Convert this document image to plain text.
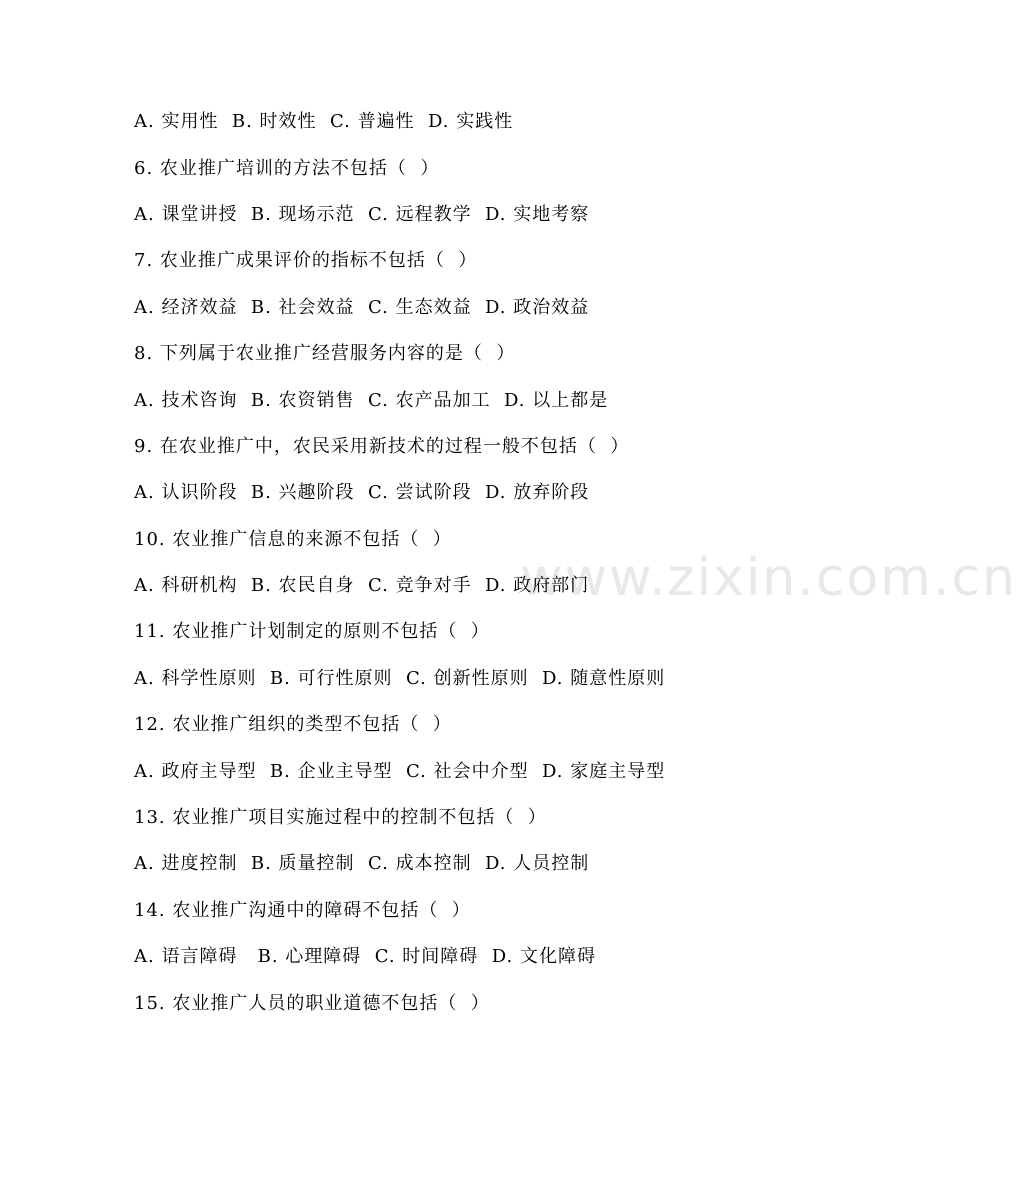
www.zixin.com.cn
A. 实用性  B. 时效性  C. 普遍性  D. 实践性
6. 农业推广培训的方法不包括（  ）
A. 课堂讲授  B. 现场示范  C. 远程教学  D. 实地考察
7. 农业推广成果评价的指标不包括（  ）
A. 经济效益  B. 社会效益  C. 生态效益  D. 政治效益
8. 下列属于农业推广经营服务内容的是（  ）
A. 技术咨询  B. 农资销售  C. 农产品加工  D. 以上都是
9. 在农业推广中，农民采用新技术的过程一般不包括（  ）
A. 认识阶段  B. 兴趣阶段  C. 尝试阶段  D. 放弃阶段
10. 农业推广信息的来源不包括（  ）
A. 科研机构  B. 农民自身  C. 竞争对手  D. 政府部门
11. 农业推广计划制定的原则不包括（  ）
A. 科学性原则  B. 可行性原则  C. 创新性原则  D. 随意性原则
12. 农业推广组织的类型不包括（  ）
A. 政府主导型  B. 企业主导型  C. 社会中介型  D. 家庭主导型
13. 农业推广项目实施过程中的控制不包括（  ）
A. 进度控制  B. 质量控制  C. 成本控制  D. 人员控制
14. 农业推广沟通中的障碍不包括（  ）
A. 语言障碍   B. 心理障碍  C. 时间障碍  D. 文化障碍
15. 农业推广人员的职业道德不包括（  ）
